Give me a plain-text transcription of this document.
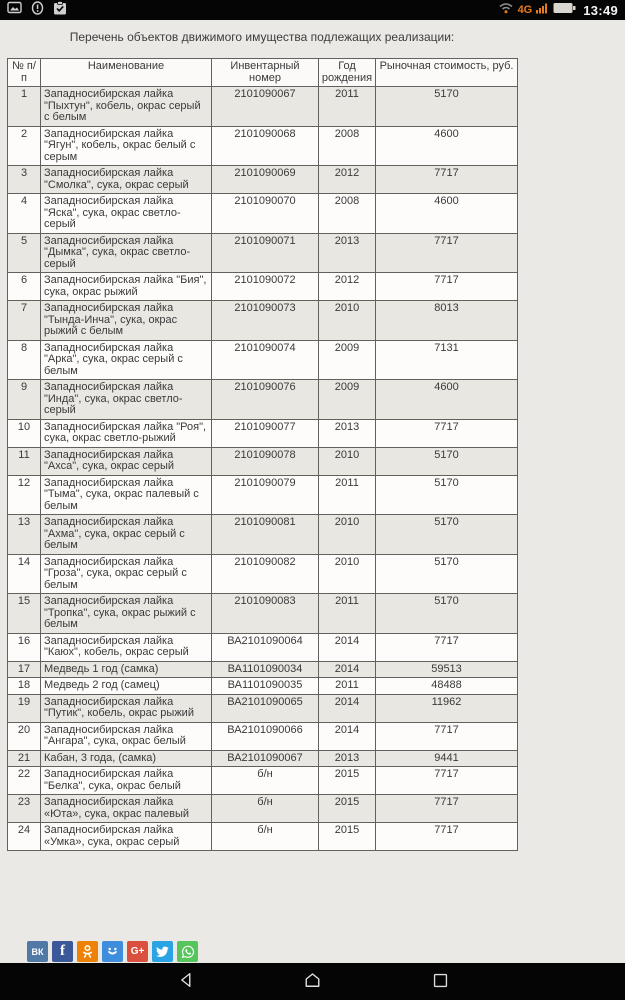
4G	13:49
Перечень объектов движимого имущества подлежащих реализации:
№ п/п	Наименование	Инвентарный номер	Год рождения	Рыночная стоимость, руб.
1	Западносибирская лайка "Пыхтун", кобель, окрас серый с белым	2101090067	2011	5170
2	Западносибирская лайка "Ягун", кобель, окрас белый с серым	2101090068	2008	4600
3	Западносибирская лайка "Смолка", сука, окрас серый	2101090069	2012	7717
4	Западносибирская лайка "Яска", сука, окрас светло-серый	2101090070	2008	4600
5	Западносибирская лайка "Дымка", сука, окрас светло-серый	2101090071	2013	7717
6	Западносибирская лайка "Бия", сука, окрас рыжий	2101090072	2012	7717
7	Западносибирская лайка "Тында-Инча", сука, окрас рыжий с белым	2101090073	2010	8013
8	Западносибирская лайка "Арка", сука, окрас серый с белым	2101090074	2009	7131
9	Западносибирская лайка "Инда", сука, окрас светло-серый	2101090076	2009	4600
10	Западносибирская лайка "Роя", сука, окрас светло-рыжий	2101090077	2013	7717
11	Западносибирская лайка "Ахса", сука, окрас серый	2101090078	2010	5170
12	Западносибирская лайка "Тыма", сука, окрас палевый с белым	2101090079	2011	5170
13	Западносибирская лайка "Ахма", сука, окрас серый с белым	2101090081	2010	5170
14	Западносибирская лайка "Гроза", сука, окрас серый с белым	2101090082	2010	5170
15	Западносибирская лайка "Тропка", сука, окрас рыжий с белым	2101090083	2011	5170
16	Западносибирская лайка "Каюх", кобель, окрас серый	ВА2101090064	2014	7717
17	Медведь 1 год (самка)	ВА1101090034	2014	59513
18	Медведь 2 год (самец)	ВА1101090035	2011	48488
19	Западносибирская лайка "Путик", кобель, окрас рыжий	ВА2101090065	2014	11962
20	Западносибирская лайка "Ангара", сука, окрас белый	ВА2101090066	2014	7717
21	Кабан, 3 года, (самка)	ВА2101090067	2013	9441
22	Западносибирская лайка "Белка", сука, окрас белый	б/н	2015	7717
23	Западносибирская лайка «Юта», сука, окрас палевый	б/н	2015	7717
24	Западносибирская лайка «Умка», сука, окрас серый	б/н	2015	7717
ВК	f	G+
